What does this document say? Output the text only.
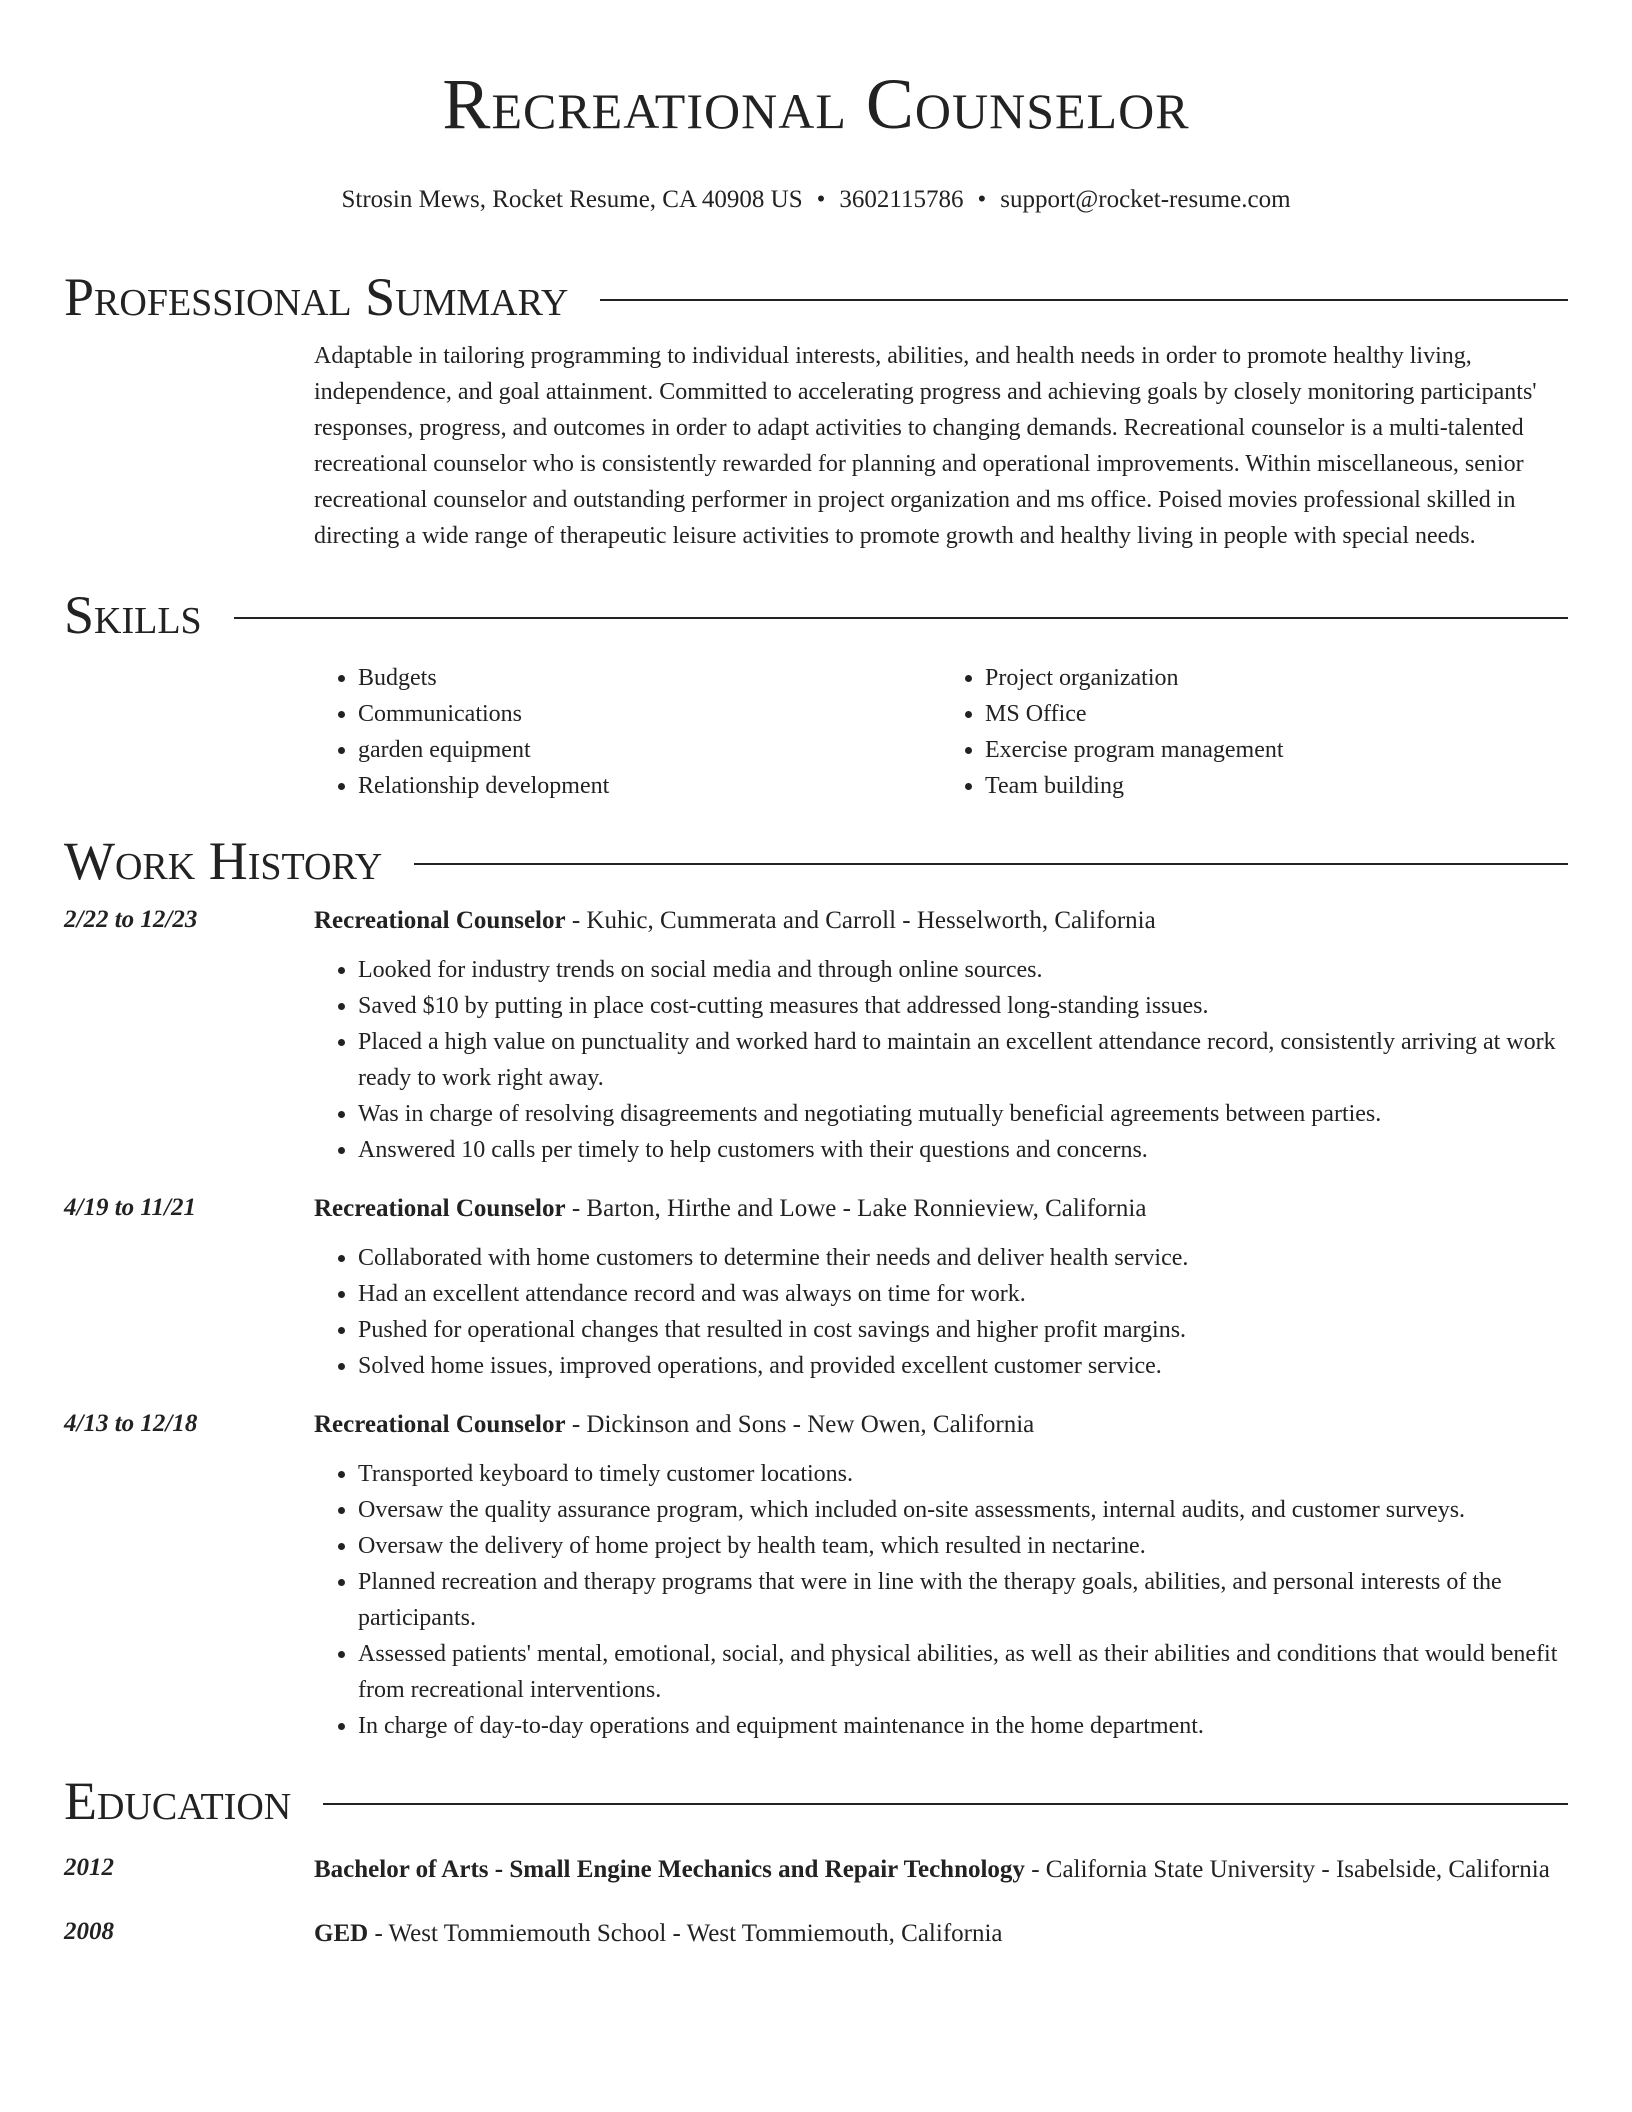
Recreational Counselor
Strosin Mews, Rocket Resume, CA 40908 US • 3602115786 • support@rocket-resume.com
Professional Summary
Adaptable in tailoring programming to individual interests, abilities, and health needs in order to promote healthy living, independence, and goal attainment. Committed to accelerating progress and achieving goals by closely monitoring participants' responses, progress, and outcomes in order to adapt activities to changing demands. Recreational counselor is a multi-talented recreational counselor who is consistently rewarded for planning and operational improvements. Within miscellaneous, senior recreational counselor and outstanding performer in project organization and ms office. Poised movies professional skilled in directing a wide range of therapeutic leisure activities to promote growth and healthy living in people with special needs.
Skills
• Budgets
• Communications
• garden equipment
• Relationship development
• Project organization
• MS Office
• Exercise program management
• Team building
Work History
2/22 to 12/23	Recreational Counselor - Kuhic, Cummerata and Carroll - Hesselworth, California
• Looked for industry trends on social media and through online sources.
• Saved $10 by putting in place cost-cutting measures that addressed long-standing issues.
• Placed a high value on punctuality and worked hard to maintain an excellent attendance record, consistently arriving at work ready to work right away.
• Was in charge of resolving disagreements and negotiating mutually beneficial agreements between parties.
• Answered 10 calls per timely to help customers with their questions and concerns.
4/19 to 11/21	Recreational Counselor - Barton, Hirthe and Lowe - Lake Ronnieview, California
• Collaborated with home customers to determine their needs and deliver health service.
• Had an excellent attendance record and was always on time for work.
• Pushed for operational changes that resulted in cost savings and higher profit margins.
• Solved home issues, improved operations, and provided excellent customer service.
4/13 to 12/18	Recreational Counselor - Dickinson and Sons - New Owen, California
• Transported keyboard to timely customer locations.
• Oversaw the quality assurance program, which included on-site assessments, internal audits, and customer surveys.
• Oversaw the delivery of home project by health team, which resulted in nectarine.
• Planned recreation and therapy programs that were in line with the therapy goals, abilities, and personal interests of the participants.
• Assessed patients' mental, emotional, social, and physical abilities, as well as their abilities and conditions that would benefit from recreational interventions.
• In charge of day-to-day operations and equipment maintenance in the home department.
Education
2012	Bachelor of Arts - Small Engine Mechanics and Repair Technology - California State University - Isabelside, California
2008	GED - West Tommiemouth School - West Tommiemouth, California
